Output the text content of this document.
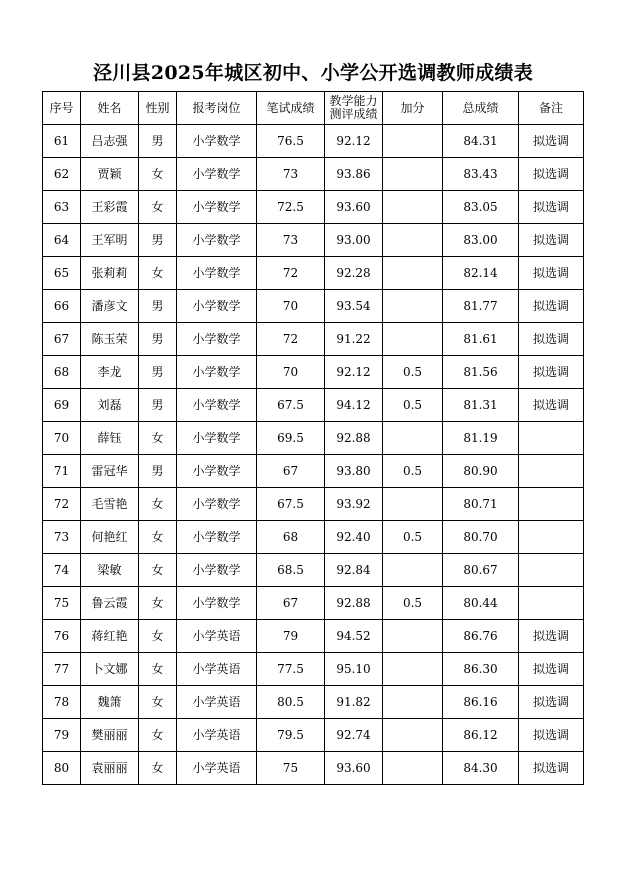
泾川县2025年城区初中、小学公开选调教师成绩表
序号	姓名	性别	报考岗位	笔试成绩	教学能力测评成绩	加分	总成绩	备注
61	吕志强	男	小学数学	76.5	92.12		84.31	拟选调
62	贾颖	女	小学数学	73	93.86		83.43	拟选调
63	王彩霞	女	小学数学	72.5	93.60		83.05	拟选调
64	王军明	男	小学数学	73	93.00		83.00	拟选调
65	张莉莉	女	小学数学	72	92.28		82.14	拟选调
66	潘彦文	男	小学数学	70	93.54		81.77	拟选调
67	陈玉荣	男	小学数学	72	91.22		81.61	拟选调
68	李龙	男	小学数学	70	92.12	0.5	81.56	拟选调
69	刘磊	男	小学数学	67.5	94.12	0.5	81.31	拟选调
70	薛钰	女	小学数学	69.5	92.88		81.19	
71	雷冠华	男	小学数学	67	93.80	0.5	80.90	
72	毛雪艳	女	小学数学	67.5	93.92		80.71	
73	何艳红	女	小学数学	68	92.40	0.5	80.70	
74	梁敏	女	小学数学	68.5	92.84		80.67	
75	鲁云霞	女	小学数学	67	92.88	0.5	80.44	
76	蒋红艳	女	小学英语	79	94.52		86.76	拟选调
77	卜文娜	女	小学英语	77.5	95.10		86.30	拟选调
78	魏箫	女	小学英语	80.5	91.82		86.16	拟选调
79	樊丽丽	女	小学英语	79.5	92.74		86.12	拟选调
80	袁丽丽	女	小学英语	75	93.60		84.30	拟选调
